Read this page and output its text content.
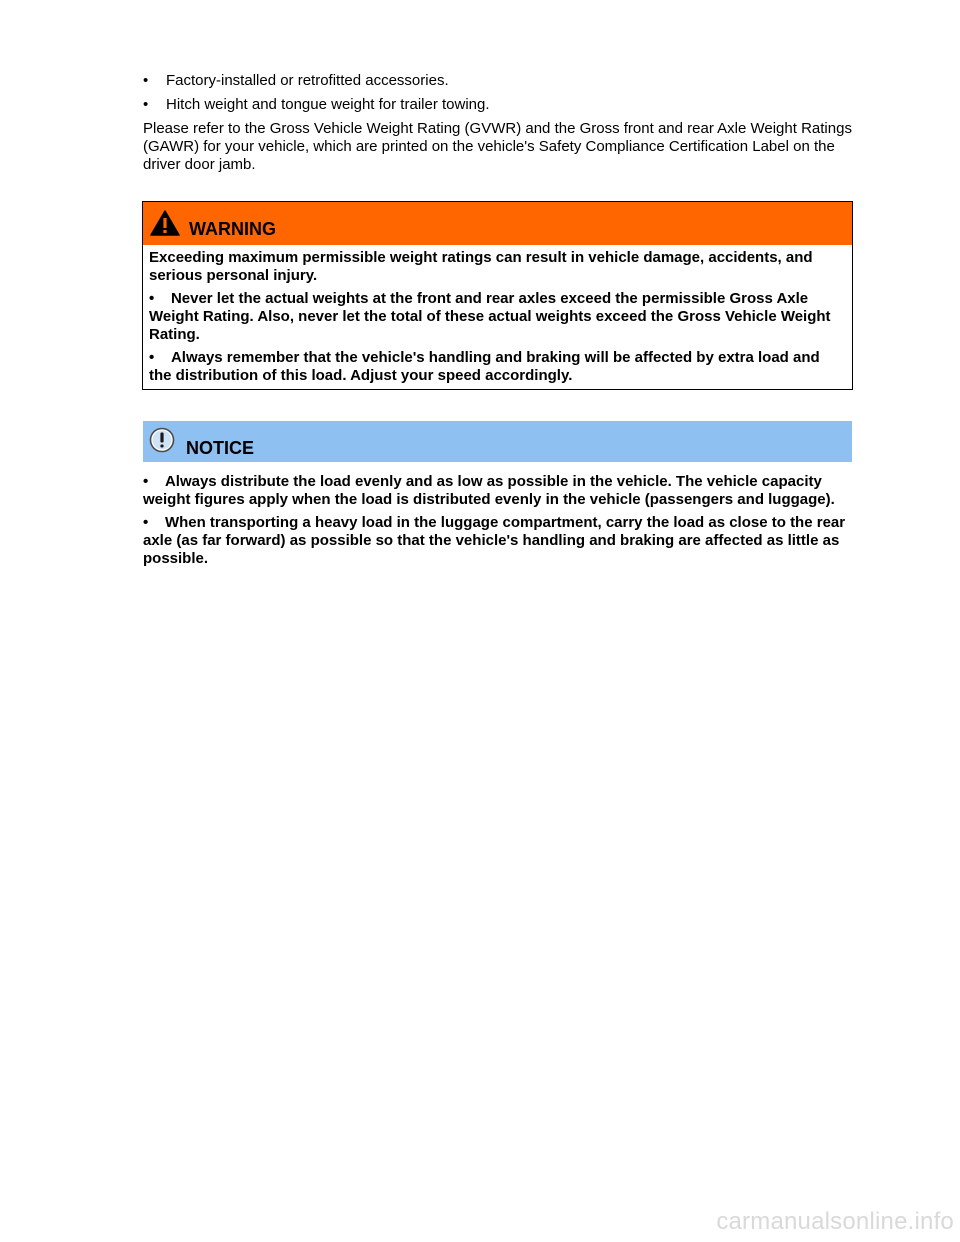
• Factory-installed or retrofitted accessories.
• Hitch weight and tongue weight for trailer towing.

Please refer to the Gross Vehicle Weight Rating (GVWR) and the Gross front and rear Axle Weight Ratings (GAWR) for your vehicle, which are printed on the vehicle's Safety Compliance Certification Label on the driver door jamb.

WARNING

Exceeding maximum permissible weight ratings can result in vehicle damage, accidents, and serious personal injury.

• Never let the actual weights at the front and rear axles exceed the permissible Gross Axle Weight Rating. Also, never let the total of these actual weights exceed the Gross Vehicle Weight Rating.
• Always remember that the vehicle's handling and braking will be affected by extra load and the distribution of this load. Adjust your speed accordingly.
NOTICE
• Always distribute the load evenly and as low as possible in the vehicle. The vehicle capacity weight figures apply when the load is distributed evenly in the vehicle (passengers and luggage).
• When transporting a heavy load in the luggage compartment, carry the load as close to the rear axle (as far forward) as possible so that the vehicle's handling and braking are affected as little as possible.
carmanualsonline.info
